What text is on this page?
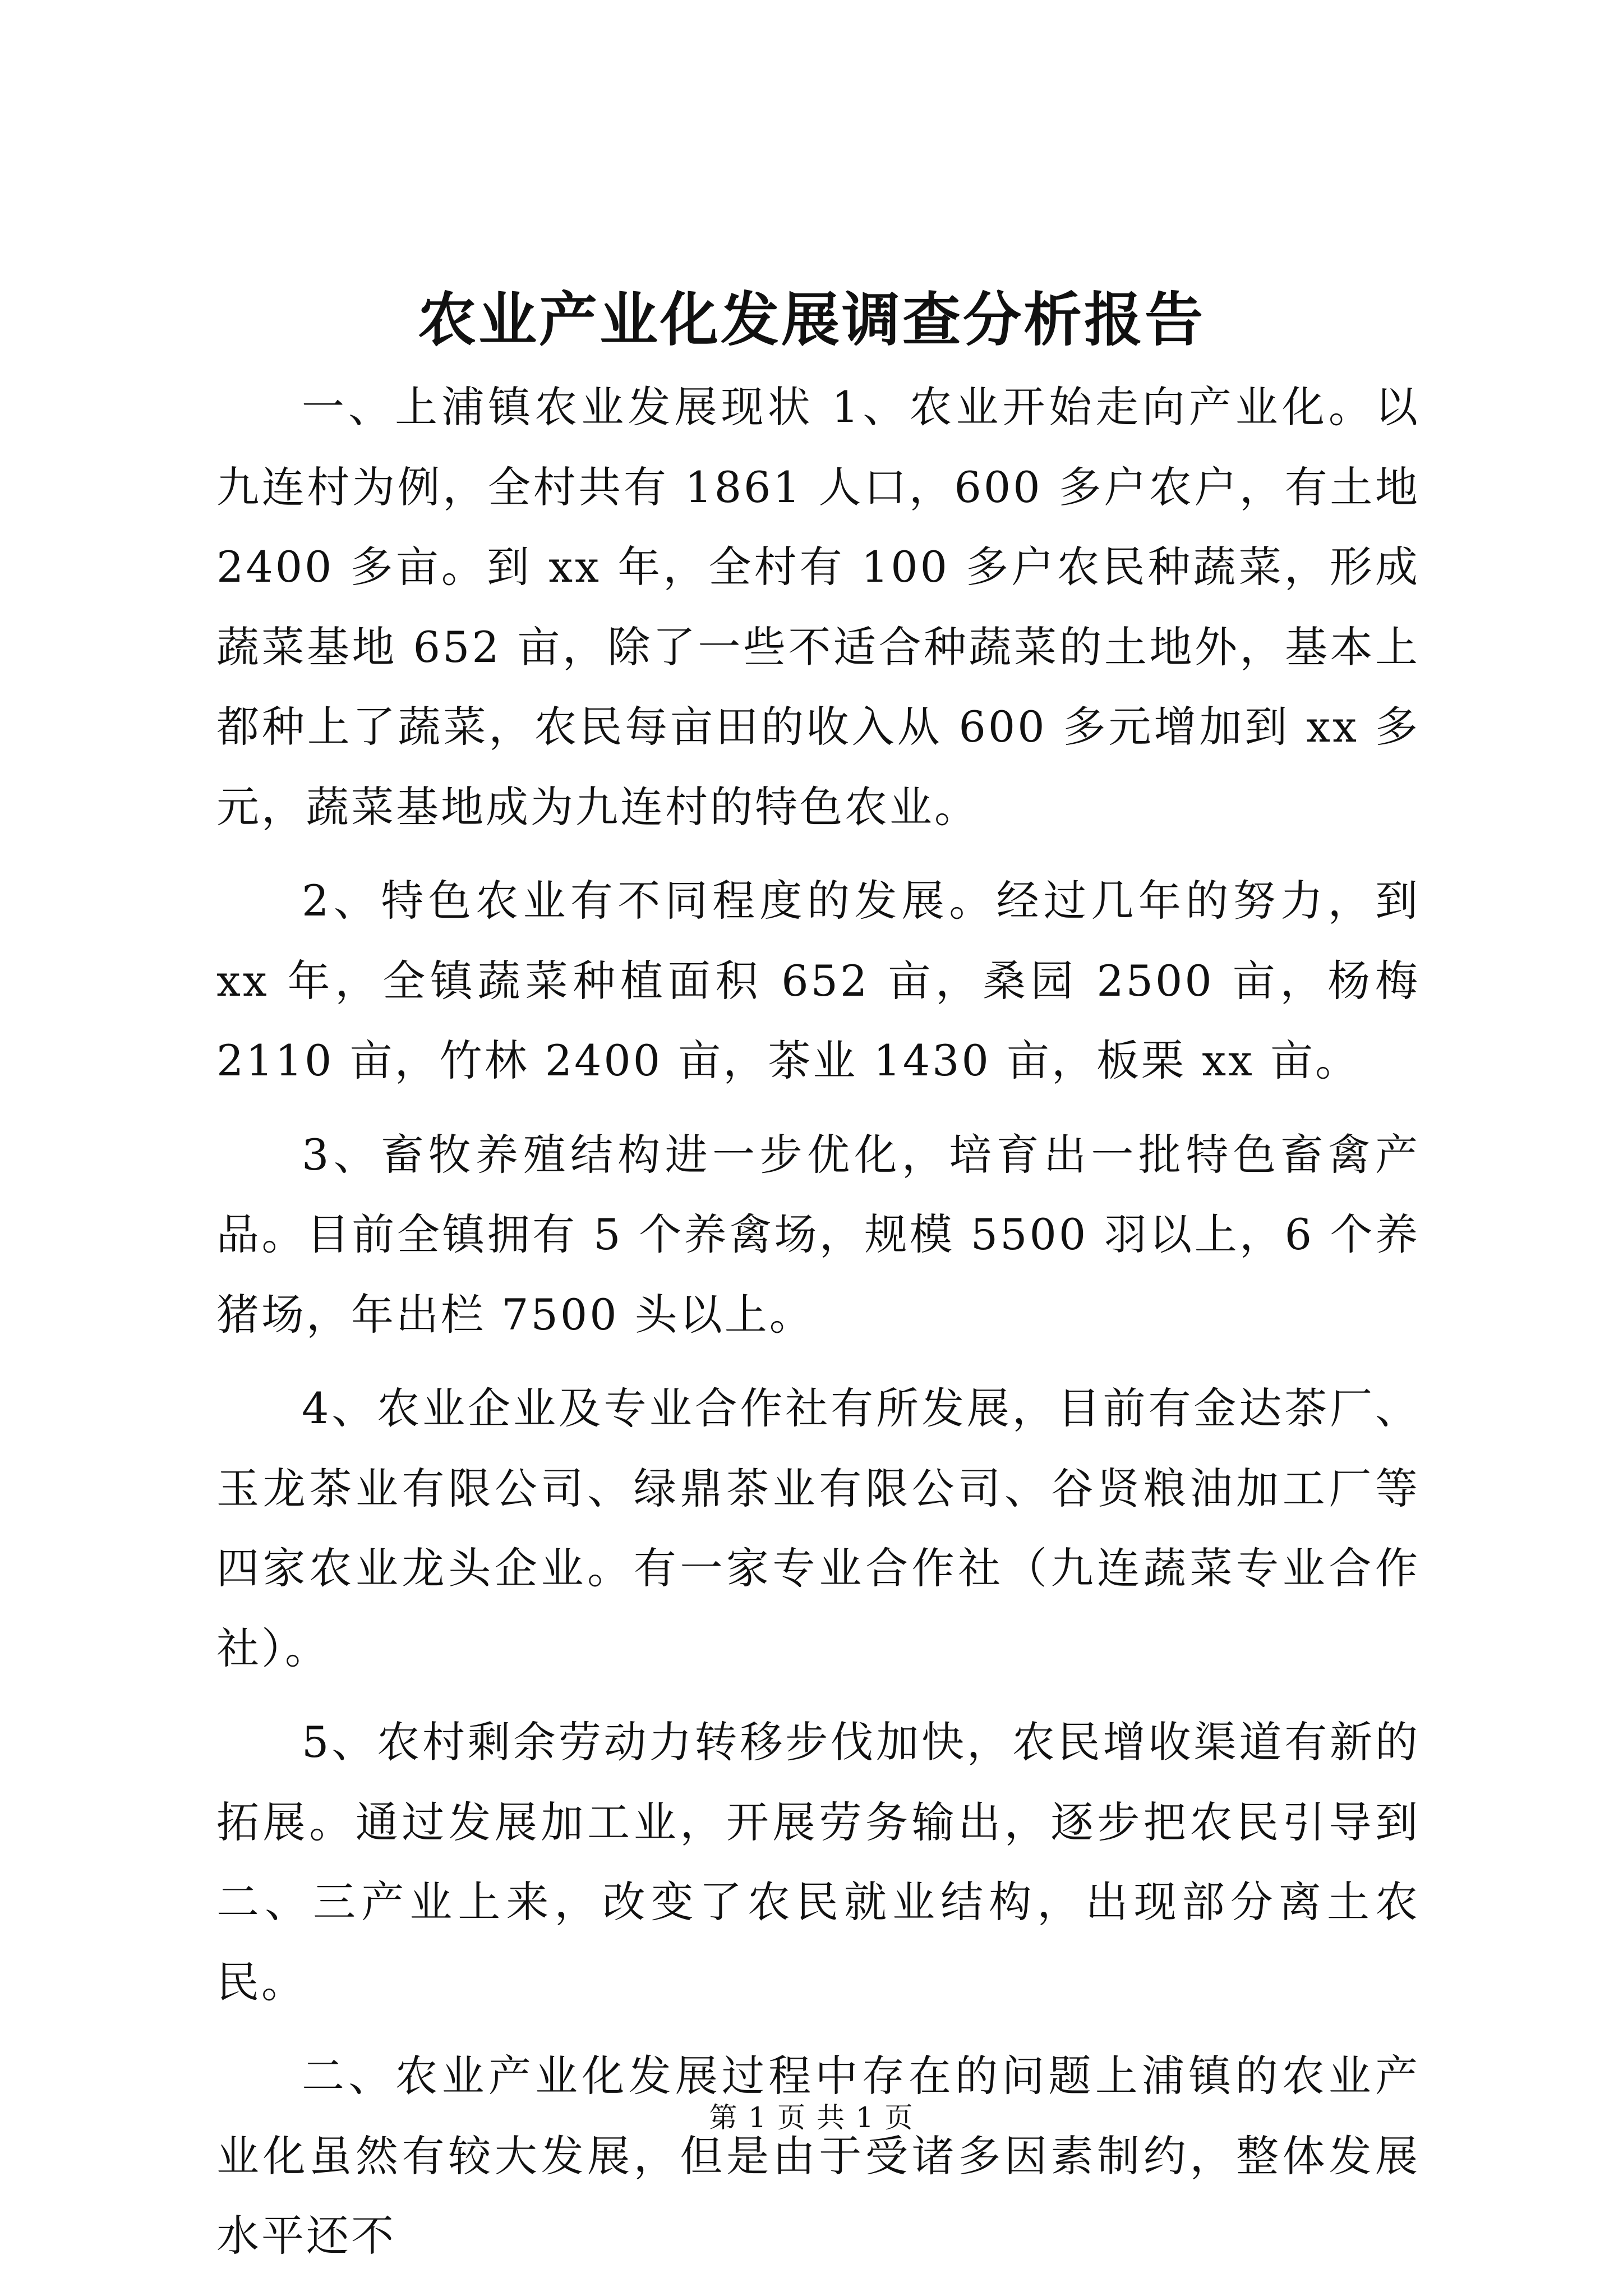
农业产业化发展调查分析报告

一、上浦镇农业发展现状 1、农业开始走向产业化。以九连村为例，全村共有 1861 人口，600 多户农户，有土地 2400 多亩。到 xx 年，全村有 100 多户农民种蔬菜，形成蔬菜基地 652 亩，除了一些不适合种蔬菜的土地外，基本上都种上了蔬菜，农民每亩田的收入从 600 多元增加到 xx 多元，蔬菜基地成为九连村的特色农业。

2、特色农业有不同程度的发展。经过几年的努力，到 xx 年，全镇蔬菜种植面积 652 亩，桑园 2500 亩，杨梅 2110 亩，竹林 2400 亩，茶业 1430 亩，板栗 xx 亩。

3、畜牧养殖结构进一步优化，培育出一批特色畜禽产品。目前全镇拥有 5 个养禽场，规模 5500 羽以上，6 个养猪场，年出栏 7500 头以上。

4、农业企业及专业合作社有所发展，目前有金达茶厂、玉龙茶业有限公司、绿鼎茶业有限公司、谷贤粮油加工厂等四家农业龙头企业。有一家专业合作社（九连蔬菜专业合作社）。

5、农村剩余劳动力转移步伐加快，农民增收渠道有新的拓展。通过发展加工业，开展劳务输出，逐步把农民引导到二、三产业上来，改变了农民就业结构，出现部分离土农民。

二、农业产业化发展过程中存在的问题上浦镇的农业产业化虽然有较大发展，但是由于受诸多因素制约，整体发展水平还不

第 1 页 共 1 页
